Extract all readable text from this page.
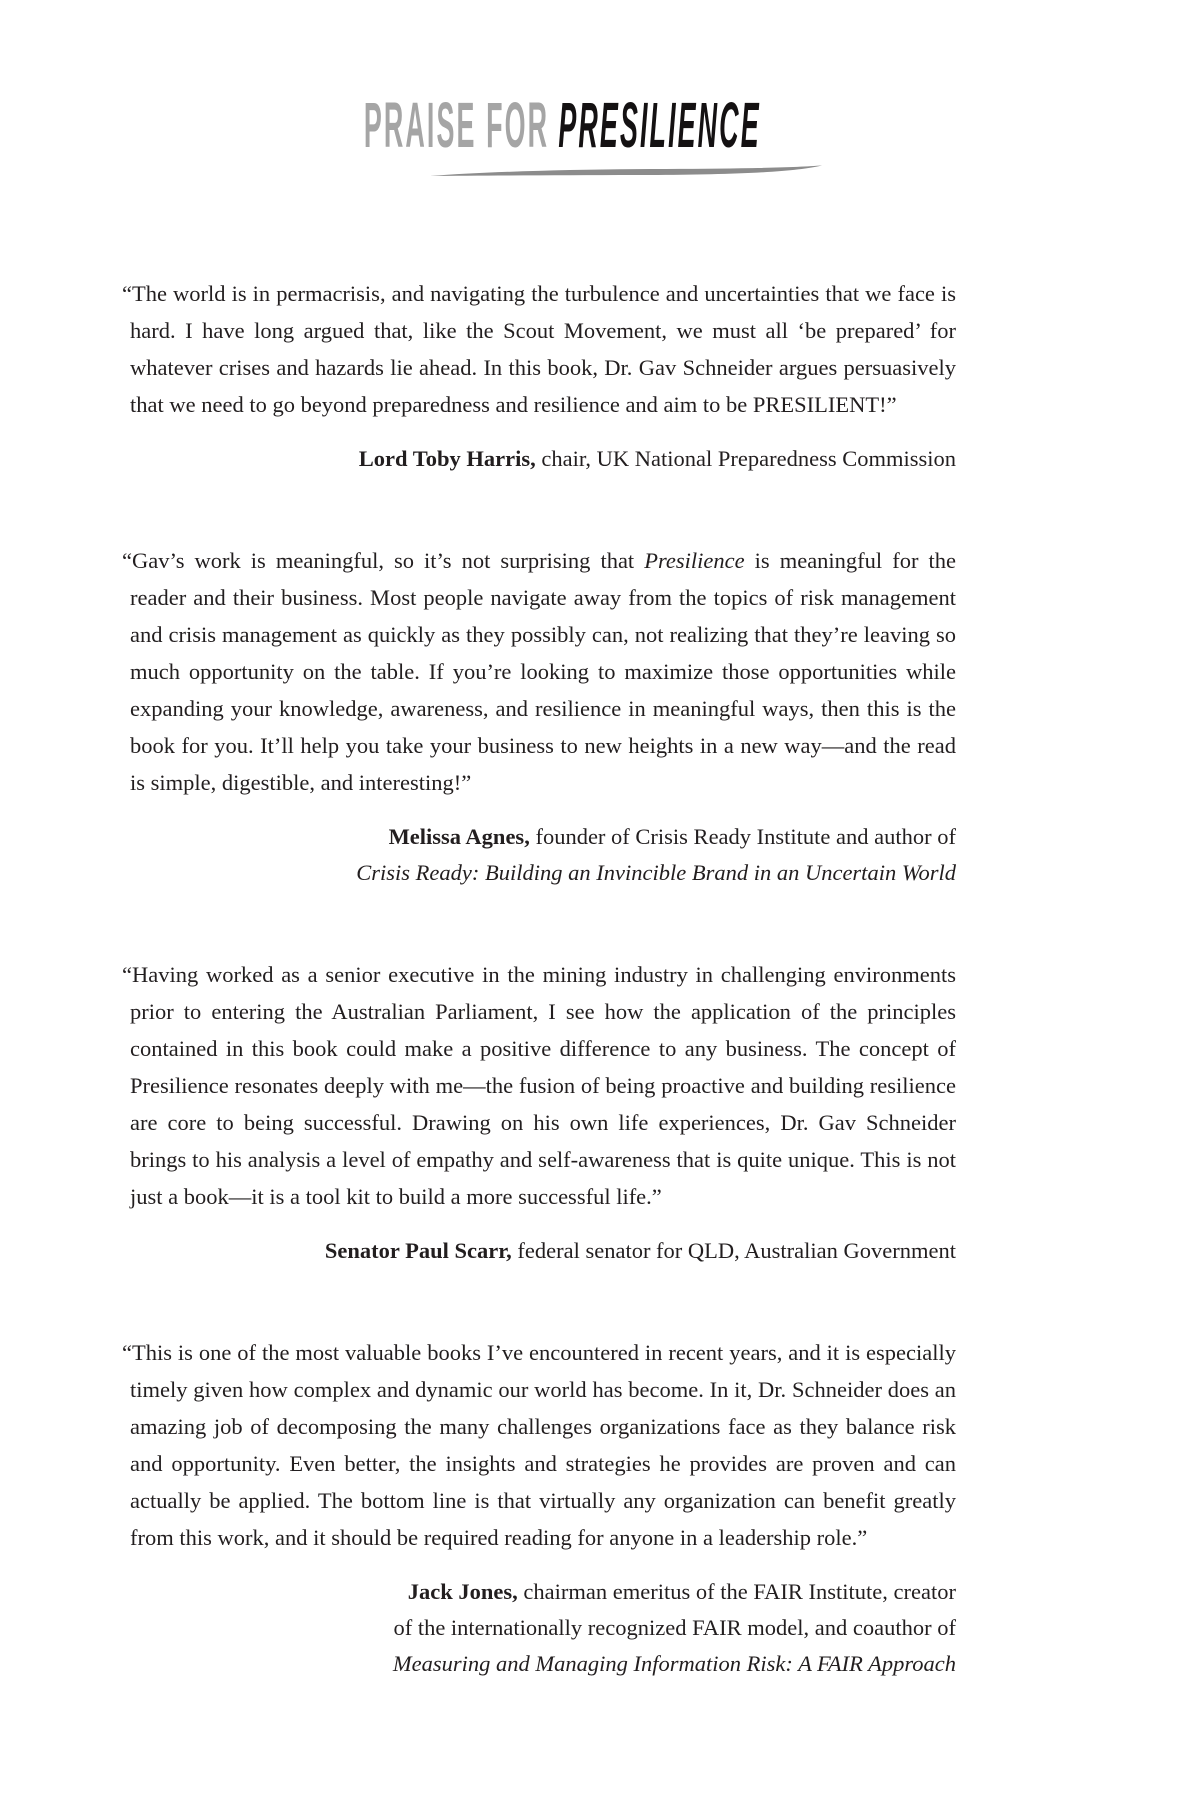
PRAISE FOR PRESILIENCE

“The world is in permacrisis, and navigating the turbulence and uncertainties that we face is hard. I have long argued that, like the Scout Movement, we must all ‘be prepared’ for whatever crises and hazards lie ahead. In this book, Dr. Gav Schneider argues persuasively that we need to go beyond preparedness and resilience and aim to be PRESILIENT!”

Lord Toby Harris, chair, UK National Preparedness Commission

“Gav’s work is meaningful, so it’s not surprising that Presilience is meaningful for the reader and their business. Most people navigate away from the topics of risk management and crisis management as quickly as they possibly can, not realizing that they’re leaving so much opportunity on the table. If you’re looking to maximize those opportunities while expanding your knowledge, awareness, and resilience in meaningful ways, then this is the book for you. It’ll help you take your business to new heights in a new way—and the read is simple, digestible, and interesting!”

Melissa Agnes, founder of Crisis Ready Institute and author of
Crisis Ready: Building an Invincible Brand in an Uncertain World

“Having worked as a senior executive in the mining industry in challenging environments prior to entering the Australian Parliament, I see how the application of the principles contained in this book could make a positive difference to any business. The concept of Presilience resonates deeply with me—the fusion of being proactive and building resilience are core to being successful. Drawing on his own life experiences, Dr. Gav Schneider brings to his analysis a level of empathy and self-awareness that is quite unique. This is not just a book—it is a tool kit to build a more successful life.”

Senator Paul Scarr, federal senator for QLD, Australian Government

“This is one of the most valuable books I’ve encountered in recent years, and it is especially timely given how complex and dynamic our world has become. In it, Dr. Schneider does an amazing job of decomposing the many challenges organizations face as they balance risk and opportunity. Even better, the insights and strategies he provides are proven and can actually be applied. The bottom line is that virtually any organization can benefit greatly from this work, and it should be required reading for anyone in a leadership role.”

Jack Jones, chairman emeritus of the FAIR Institute, creator
of the internationally recognized FAIR model, and coauthor of
Measuring and Managing Information Risk: A FAIR Approach
